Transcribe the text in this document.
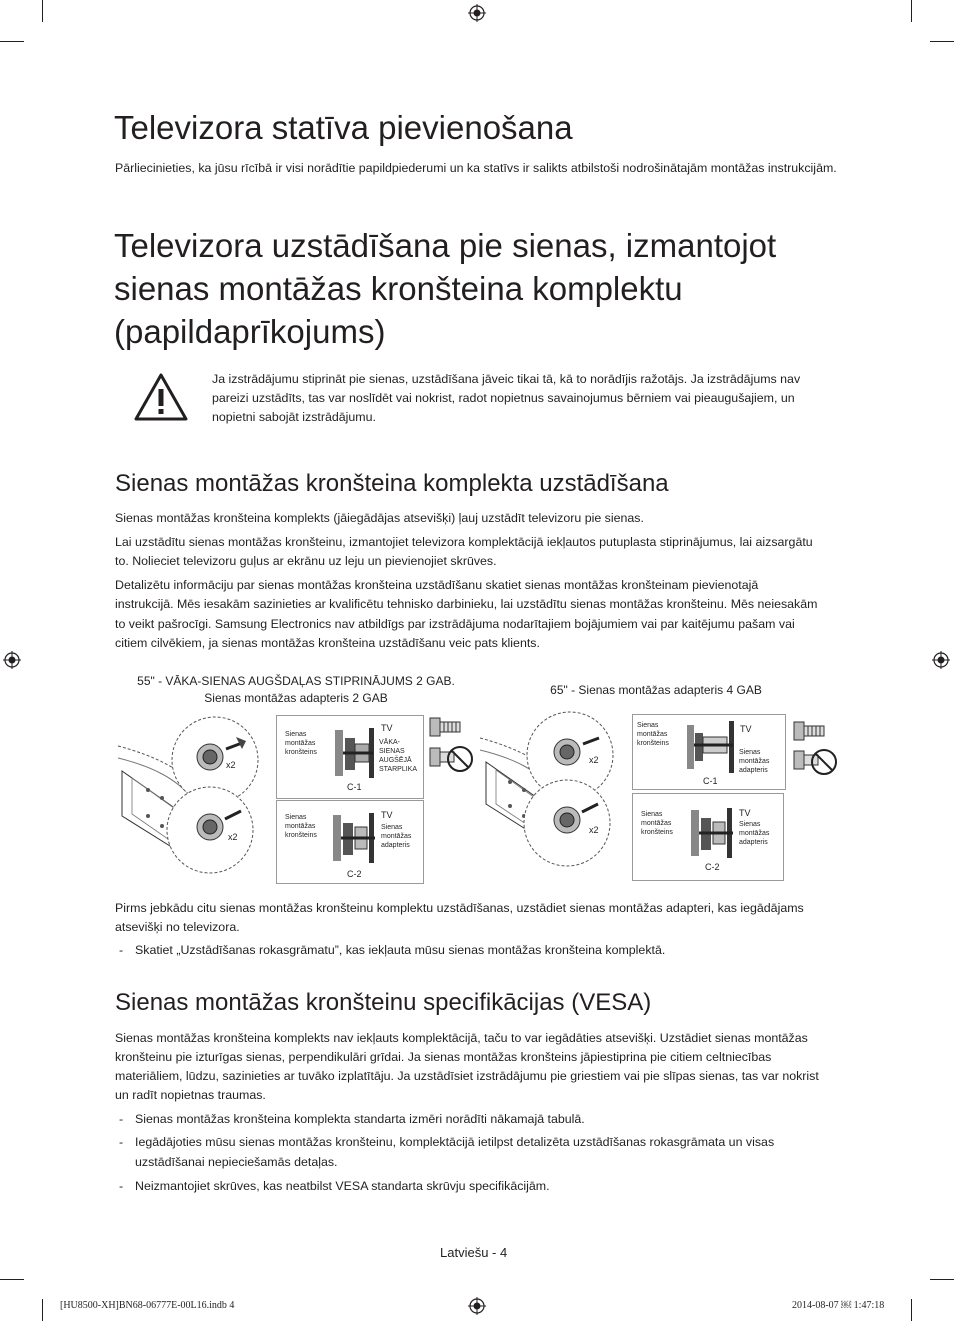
Televizora statīva pievienošana

Pārliecinieties, ka jūsu rīcībā ir visi norādītie papildpiederumi un ka statīvs ir salikts atbilstoši nodrošinātajām montāžas instrukcijām.

Televizora uzstādīšana pie sienas, izmantojot
sienas montāžas kronšteina komplektu
(papildaprīkojums)

Ja izstrādājumu stiprināt pie sienas, uzstādīšana jāveic tikai tā, kā to norādījis ražotājs. Ja izstrādājums nav

pareizi uzstādīts, tas var noslīdēt vai nokrist, radot nopietnus savainojumus bērniem vai pieaugušajiem, un

nopietni sabojāt izstrādājumu.

Sienas montāžas kronšteina komplekta uzstādīšana

Sienas montāžas kronšteina komplekts (jāiegādājas atsevišķi) ļauj uzstādīt televizoru pie sienas.

Lai uzstādītu sienas montāžas kronšteinu, izmantojiet televizora komplektācijā iekļautos putuplasta stiprinājumus, lai aizsargātu

to. Nolieciet televizoru guļus ar ekrānu uz leju un pievienojiet skrūves.

Detalizētu informāciju par sienas montāžas kronšteina uzstādīšanu skatiet sienas montāžas kronšteinam pievienotajā

instrukcijā. Mēs iesakām sazinieties ar kvalificētu tehnisko darbinieku, lai uzstādītu sienas montāžas kronšteinu. Mēs neiesakām

to veikt pašrocīgi. Samsung Electronics nav atbildīgs par izstrādājuma nodarītajiem bojājumiem vai par kaitējumu pašam vai

citiem cilvēkiem, ja sienas montāžas kronšteina uzstādīšanu veic pats klients.

55" - VĀKA-SIENAS AUGŠDAĻAS STIPRINĀJUMS 2 GAB.
Sienas montāžas adapteris 2 GAB
65" - Sienas montāžas adapteris 4 GAB
x2
x2
Sienas
montāžas
kronšteins
TV
VĀKA-
SIENAS
AUGŠĒJĀ
STARPLIKA
C-1
Sienas
montāžas
kronšteins
TV
Sienas
montāžas
adapteris
C-2
x2
x2
Sienas
montāžas
kronšteins
TV
Sienas
montāžas
adapteris
C-1
Sienas
montāžas
kronšteins
TV
Sienas
montāžas
adapteris
C-2

Pirms jebkādu citu sienas montāžas kronšteinu komplektu uzstādīšanas, uzstādiet sienas montāžas adapteri, kas iegādājams

atsevišķi no televizora.

- Skatiet „Uzstādīšanas rokasgrāmatu”, kas iekļauta mūsu sienas montāžas kronšteina komplektā.

Sienas montāžas kronšteinu specifikācijas (VESA)

Sienas montāžas kronšteina komplekts nav iekļauts komplektācijā, taču to var iegādāties atsevišķi. Uzstādiet sienas montāžas

kronšteinu pie izturīgas sienas, perpendikulāri grīdai. Ja sienas montāžas kronšteins jāpiestiprina pie citiem celtniecības

materiāliem, lūdzu, sazinieties ar tuvāko izplatītāju. Ja uzstādīsiet izstrādājumu pie griestiem vai pie slīpas sienas, tas var nokrist

un radīt nopietnas traumas.

- Sienas montāžas kronšteina komplekta standarta izmēri norādīti nākamajā tabulā.

- Iegādājoties mūsu sienas montāžas kronšteinu, komplektācijā ietilpst detalizēta uzstādīšanas rokasgrāmata un visas

uzstādīšanai nepieciešamās detaļas.

- Neizmantojiet skrūves, kas neatbilst VESA standarta skrūvju specifikācijām.

Latviešu - 4
[HU8500-XH]BN68-06777E-00L16.indb 4	2014-08-07 ￼ 1:47:18
